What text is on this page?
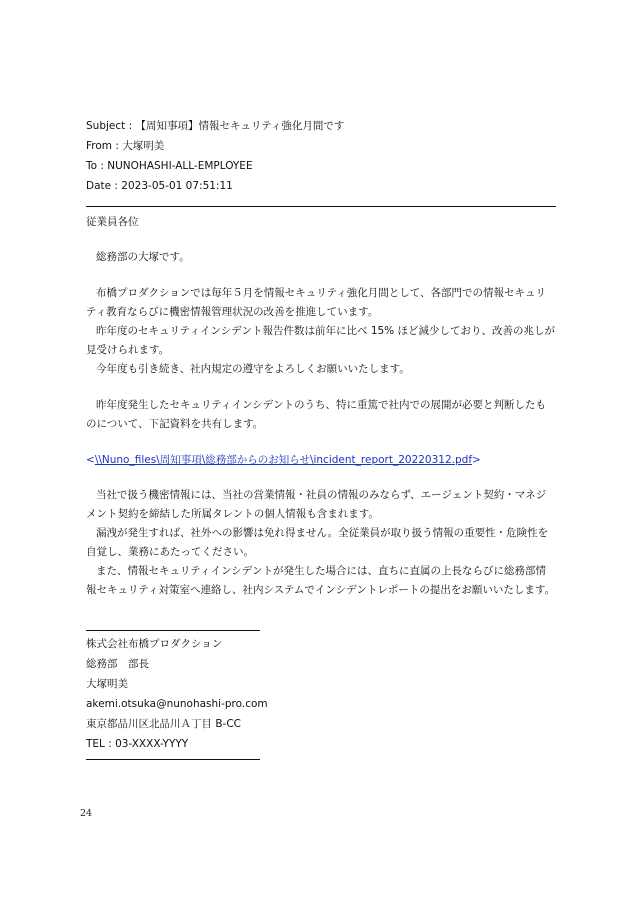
Subject : 【周知事項】情報セキュリティ強化月間です
From : 大塚明美
To : NUNOHASHI-ALL-EMPLOYEE
Date : 2023-05-01 07:51:11
従業員各位

総務部の大塚です。

布橋プロダクションでは毎年５月を情報セキュリティ強化月間として、各部門での情報セキュリティ教育ならびに機密情報管理状況の改善を推進しています。

昨年度のセキュリティインシデント報告件数は前年に比べ 15% ほど減少しており、改善の兆しが見受けられます。

今年度も引き続き、社内規定の遵守をよろしくお願いいたします。

昨年度発生したセキュリティインシデントのうち、特に重篤で社内での展開が必要と判断したものについて、下記資料を共有します。

<\\Nuno_files\周知事項\総務部からのお知らせ\incident_report_20220312.pdf>

当社で扱う機密情報には、当社の営業情報・社員の情報のみならず、エージェント契約・マネジメント契約を締結した所属タレントの個人情報も含まれます。

漏洩が発生すれば、社外への影響は免れ得ません。全従業員が取り扱う情報の重要性・危険性を自覚し、業務にあたってください。

また、情報セキュリティインシデントが発生した場合には、直ちに直属の上長ならびに総務部情報セキュリティ対策室へ連絡し、社内システムでインシデントレポートの提出をお願いいたします。

株式会社布橋プロダクション
総務部　部長
大塚明美
akemi.otsuka@nunohashi-pro.com
東京都品川区北品川Ａ丁目 B-CC
TEL : 03-XXXX-YYYY
24
